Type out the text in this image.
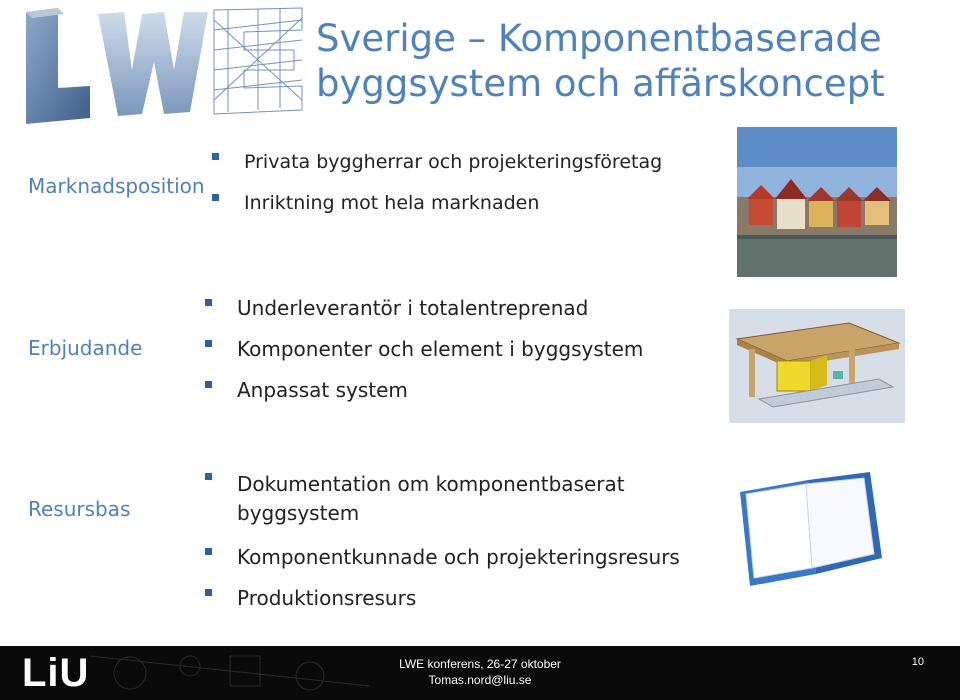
LWE
Sverige – Komponentbaserade byggsystem och affärskoncept
Marknadsposition
Privata byggherrar och projekteringsföretag
Inriktning mot hela marknaden
Erbjudande
Underleverantör i totalentreprenad
Komponenter och element i byggsystem
Anpassat system
Resursbas
Dokumentation om komponentbaserat byggsystem
Komponentkunnade och projekteringsresurs
Produktionsresurs
LiU	LWE konferens, 26-27 oktober
Tomas.nord@liu.se
10
